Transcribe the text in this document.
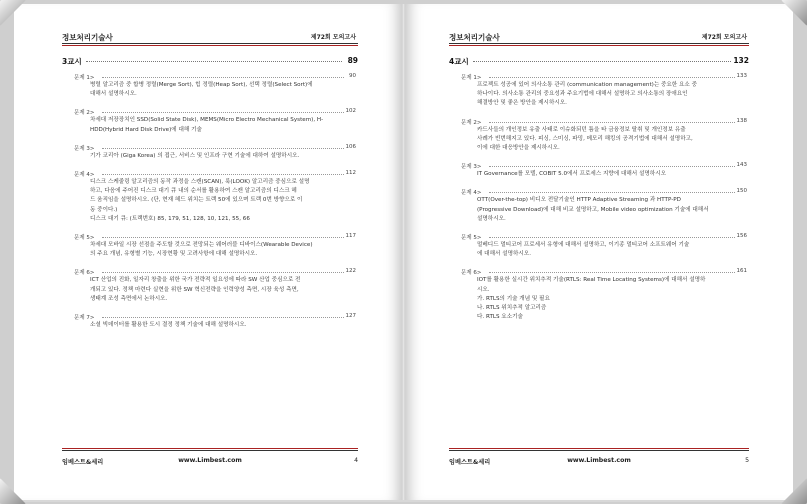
정보처리기술사	제72회 모의고사
3교시	89
문제 1>	90

병렬 알고리즘 중 합병 정렬(Merge Sort), 힙 정렬(Heap Sort), 선택 정렬(Select Sort)에

대해서 설명하시오.

문제 2>	102

차세대 저장장치인 SSD(Solid State Disk), MEMS(Micro Electro Mechanical System), H-

HDD(Hybrid Hard Disk Drive)에 대해 기술

문제 3>	106

기가 코리아 (Giga Korea) 의 접근, 서비스 및 인프라 구현 기술에 대하여 설명하시오.

문제 4>	112

디스크 스케줄링 알고리즘의 동작 과정을 스캔(SCAN), 룩(LOOK) 알고리즘 중심으로 설명

하고, 다음에 주어진 디스크 대기 큐 내의 순서를 활용하여 스캔 알고리즘의 디스크 헤

드 움직임을 설명하시오. (단, 현재 헤드 위치는 트랙 50에 있으며 트랙 0번 방향으로 이

동 중이다.)

디스크 대기 큐: (트랙번호) 85, 179, 51, 128, 10, 121, 55, 66

문제 5>	117

차세대 모바일 시장 선점을 주도할 것으로 전망되는 웨어러블 디바이스(Wearable Device)

의 주요 개념, 유형별 기능, 시장현황 및 고려사항에 대해 설명하시오.

문제 6>	122

ICT 산업의 진화, 일자리 창출을 위한 국가 전략적 일요성에 따라 SW 산업 중심으로 전

개되고 있다. 정책 마련다 실현을 위한 SW 혁신전략을 인력양성 측면, 시장 육성 측면,

생태계 조성 측면에서 논하시오.

문제 7>	127

소셜 빅데이터를 활용한 도시 결정 정책 기술에 대해 설명하시오.

임베스트&세리	www.Limbest.com	4
정보처리기술사	제72회 모의고사
4교시	132
문제 1>	133

프로젝트 성공에 있어 의사소통 관리 (communication management)는 중요한 요소 중

하나이다. 의사소통 관리의 중요성과 주요기법에 대해서 설명하고 의사소통의 장애요인

해결방안 및 좋은 방안을 제시하시오.

문제 2>	138

카드사들의 개인정보 유출 사태로 이슈화되던 틈을 타 금융정보 탈취 및 개인정보 유출

사례가 빈번해지고 있다. 피싱, 스미싱, 파밍, 메모리 해킹의 공격기법에 대해서 설명하고,

이에 대한 대응방안을 제시하시오.

문제 3>	143

IT Governance를 모델, COBIT 5.0에서 프로세스 지향에 대해서 설명하시오

문제 4>	150

OTT(Over-the-top) 비디오 전달기술인 HTTP Adaptive Streaming 과 HTTP-PD

(Progressive Download)에 대해 비교 설명하고, Mobile video optimization 기술에 대해서

설명하시오.

문제 5>	156

멀베디드 멀티코어 프로세서 유형에 대해서 설명하고, 이기종 멀티코어 소프트웨어 기술

에 대해서 설명하시오.

문제 6>	161

IOT를 활용한 실시간 위치추적 기술(RTLS: Real Time Locating Systems)에 대해서 설명하

시오.

가. RTLS의 기술 개념 및 필요

나. RTLS 위치추적 알고리즘

다. RTLS 요소기술

임베스트&세리	www.Limbest.com	5
